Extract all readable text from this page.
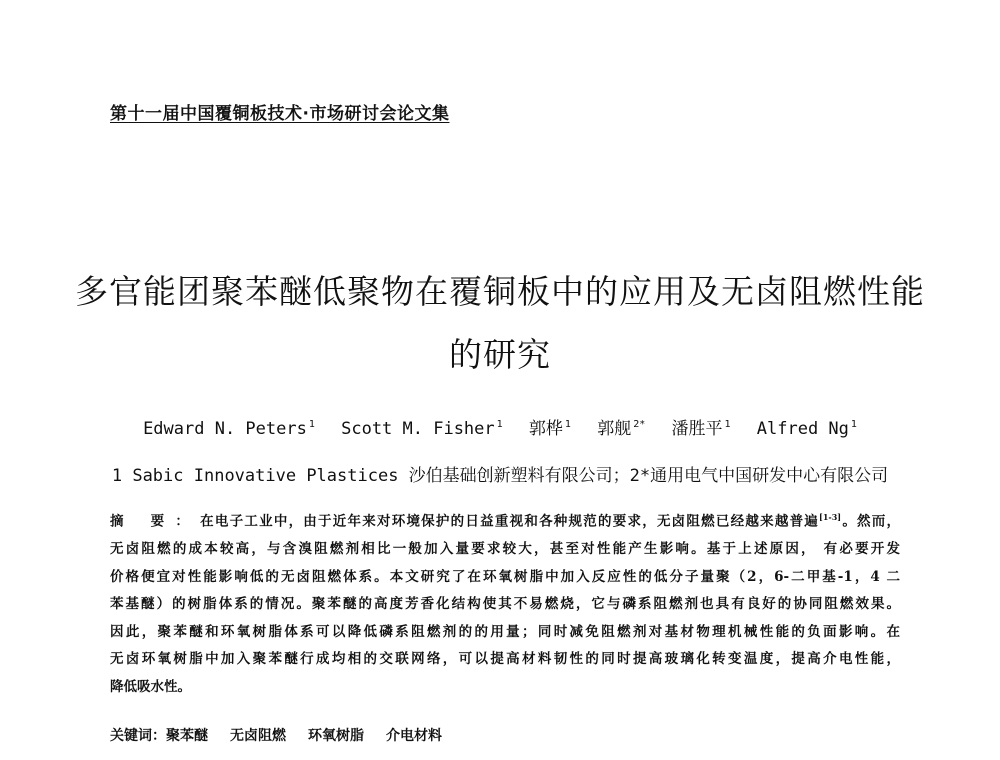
第十一届中国覆铜板技术·市场研讨会论文集
多官能团聚苯醚低聚物在覆铜板中的应用及无卤阻燃性能
的研究
Edward N. Peters $^1$ Scott M. Fisher $^1$ 郭桦 $^1$ 郭舰 $^{2*}$ 潘胜平 $^1$ Alfred Ng $^1$
1 Sabic Innovative Plastices 沙伯基础创新塑料有限公司；2*通用电气中国研发中心有限公司
摘 要：在电子工业中，由于近年来对环境保护的日益重视和各种规范的要求，无卤阻燃已经越来越普遍[1-3]。然而，
无卤阻燃的成本较高，与含溴阻燃剂相比一般加入量要求较大，甚至对性能产生影响。基于上述原因， 有必要开发
价格便宜对性能影响低的无卤阻燃体系。本文研究了在环氧树脂中加入反应性的低分子量聚（2，6-二甲基-1，4 二
苯基醚）的树脂体系的情况。聚苯醚的高度芳香化结构使其不易燃烧，它与磷系阻燃剂也具有良好的协同阻燃效果。
因此，聚苯醚和环氧树脂体系可以降低磷系阻燃剂的的用量；同时减免阻燃剂对基材物理机械性能的负面影响。在
无卤环氧树脂中加入聚苯醚行成均相的交联网络，可以提高材料韧性的同时提高玻璃化转变温度，提高介电性能，
降低吸水性。
关键词：聚苯醚 无卤阻燃 环氧树脂 介电材料
